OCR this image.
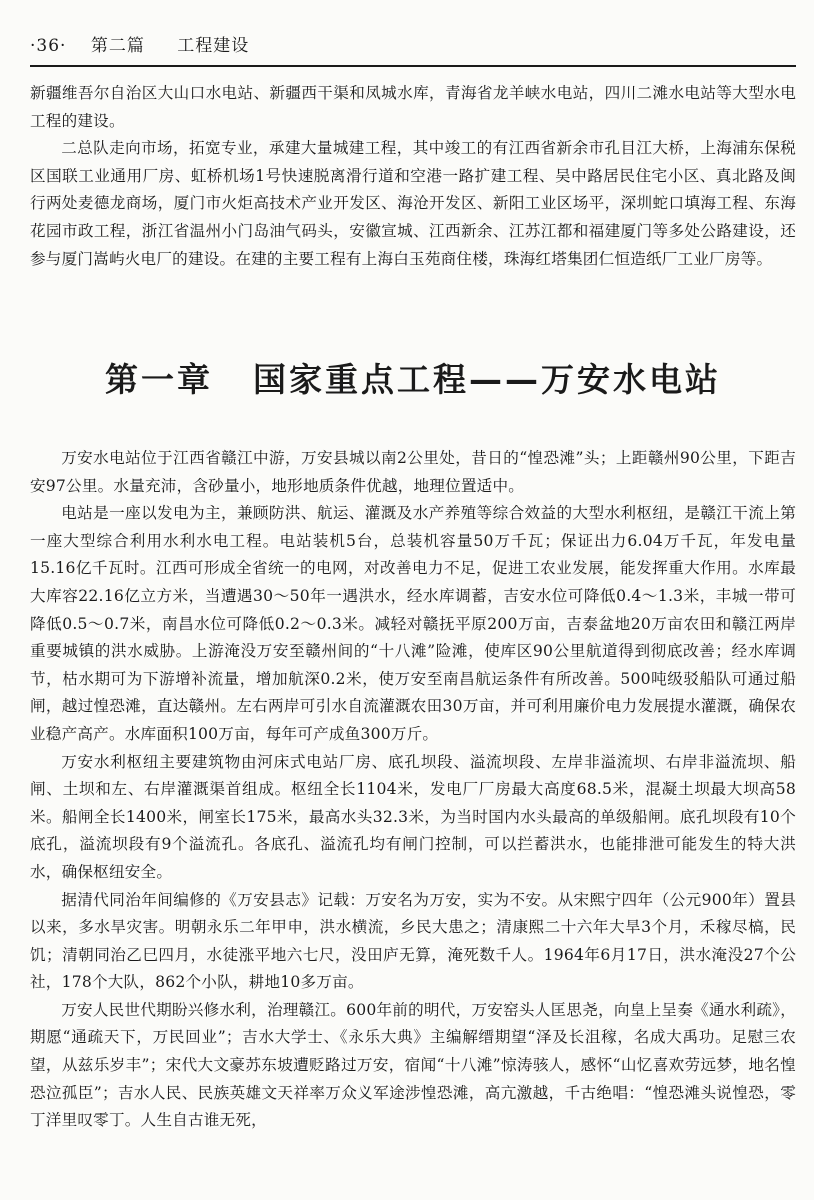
·36· 第二篇 工程建设

新疆维吾尔自治区大山口水电站、新疆西干渠和凤城水库，青海省龙羊峡水电站，四川二滩水电站等大型水电工程的建设。

二总队走向市场，拓宽专业，承建大量城建工程，其中竣工的有江西省新余市孔目江大桥，上海浦东保税区国联工业通用厂房、虹桥机场1号快速脱离滑行道和空港一路扩建工程、吴中路居民住宅小区、真北路及闽行两处麦德龙商场，厦门市火炬高技术产业开发区、海沧开发区、新阳工业区场平，深圳蛇口填海工程、东海花园市政工程，浙江省温州小门岛油气码头，安徽宣城、江西新余、江苏江都和福建厦门等多处公路建设，还参与厦门嵩屿火电厂的建设。在建的主要工程有上海白玉苑商住楼，珠海红塔集团仁恒造纸厂工业厂房等。

第一章 国家重点工程——万安水电站

万安水电站位于江西省赣江中游，万安县城以南2公里处，昔日的“惶恐滩”头；上距赣州90公里，下距吉安97公里。水量充沛，含砂量小，地形地质条件优越，地理位置适中。

电站是一座以发电为主，兼顾防洪、航运、灌溉及水产养殖等综合效益的大型水利枢纽，是赣江干流上第一座大型综合利用水利水电工程。电站装机5台，总装机容量50万千瓦；保证出力6.04万千瓦，年发电量15.16亿千瓦时。江西可形成全省统一的电网，对改善电力不足，促进工农业发展，能发挥重大作用。水库最大库容22.16亿立方米，当遭遇30～50年一遇洪水，经水库调蓄，吉安水位可降低0.4～1.3米，丰城一带可降低0.5～0.7米，南昌水位可降低0.2～0.3米。减轻对赣抚平原200万亩，吉泰盆地20万亩农田和赣江两岸重要城镇的洪水威胁。上游淹没万安至赣州间的“十八滩”险滩，使库区90公里航道得到彻底改善；经水库调节，枯水期可为下游增补流量，增加航深0.2米，使万安至南昌航运条件有所改善。500吨级驳船队可通过船闸，越过惶恐滩，直达赣州。左右两岸可引水自流灌溉农田30万亩，并可利用廉价电力发展提水灌溉，确保农业稳产高产。水库面积100万亩，每年可产成鱼300万斤。

万安水利枢纽主要建筑物由河床式电站厂房、底孔坝段、溢流坝段、左岸非溢流坝、右岸非溢流坝、船闸、土坝和左、右岸灌溉渠首组成。枢纽全长1104米，发电厂厂房最大高度68.5米，混凝土坝最大坝高58米。船闸全长1400米，闸室长175米，最高水头32.3米，为当时国内水头最高的单级船闸。底孔坝段有10个底孔，溢流坝段有9个溢流孔。各底孔、溢流孔均有闸门控制，可以拦蓄洪水，也能排泄可能发生的特大洪水，确保枢纽安全。

据清代同治年间编修的《万安县志》记载：万安名为万安，实为不安。从宋熙宁四年（公元900年）置县以来，多水旱灾害。明朝永乐二年甲申，洪水横流，乡民大患之；清康熙二十六年大旱3个月，禾稼尽槁，民饥；清朝同治乙巳四月，水徒涨平地六七尺，没田庐无算，淹死数千人。1964年6月17日，洪水淹没27个公社，178个大队，862个小队，耕地10多万亩。

万安人民世代期盼兴修水利，治理赣江。600年前的明代，万安窑头人匡思尧，向皇上呈奏《通水利疏》，期愿“通疏天下，万民回业”；吉水大学士、《永乐大典》主编解缙期望“泽及长沮稼，名成大禹功。足慰三农望，从兹乐岁丰”；宋代大文豪苏东坡遭贬路过万安，宿闻“十八滩”惊涛骇人，感怀“山忆喜欢劳远梦，地名惶恐泣孤臣”；吉水人民、民族英雄文天祥率万众义军途涉惶恐滩，高亢激越，千古绝唱：“惶恐滩头说惶恐，零丁洋里叹零丁。人生自古谁无死，
